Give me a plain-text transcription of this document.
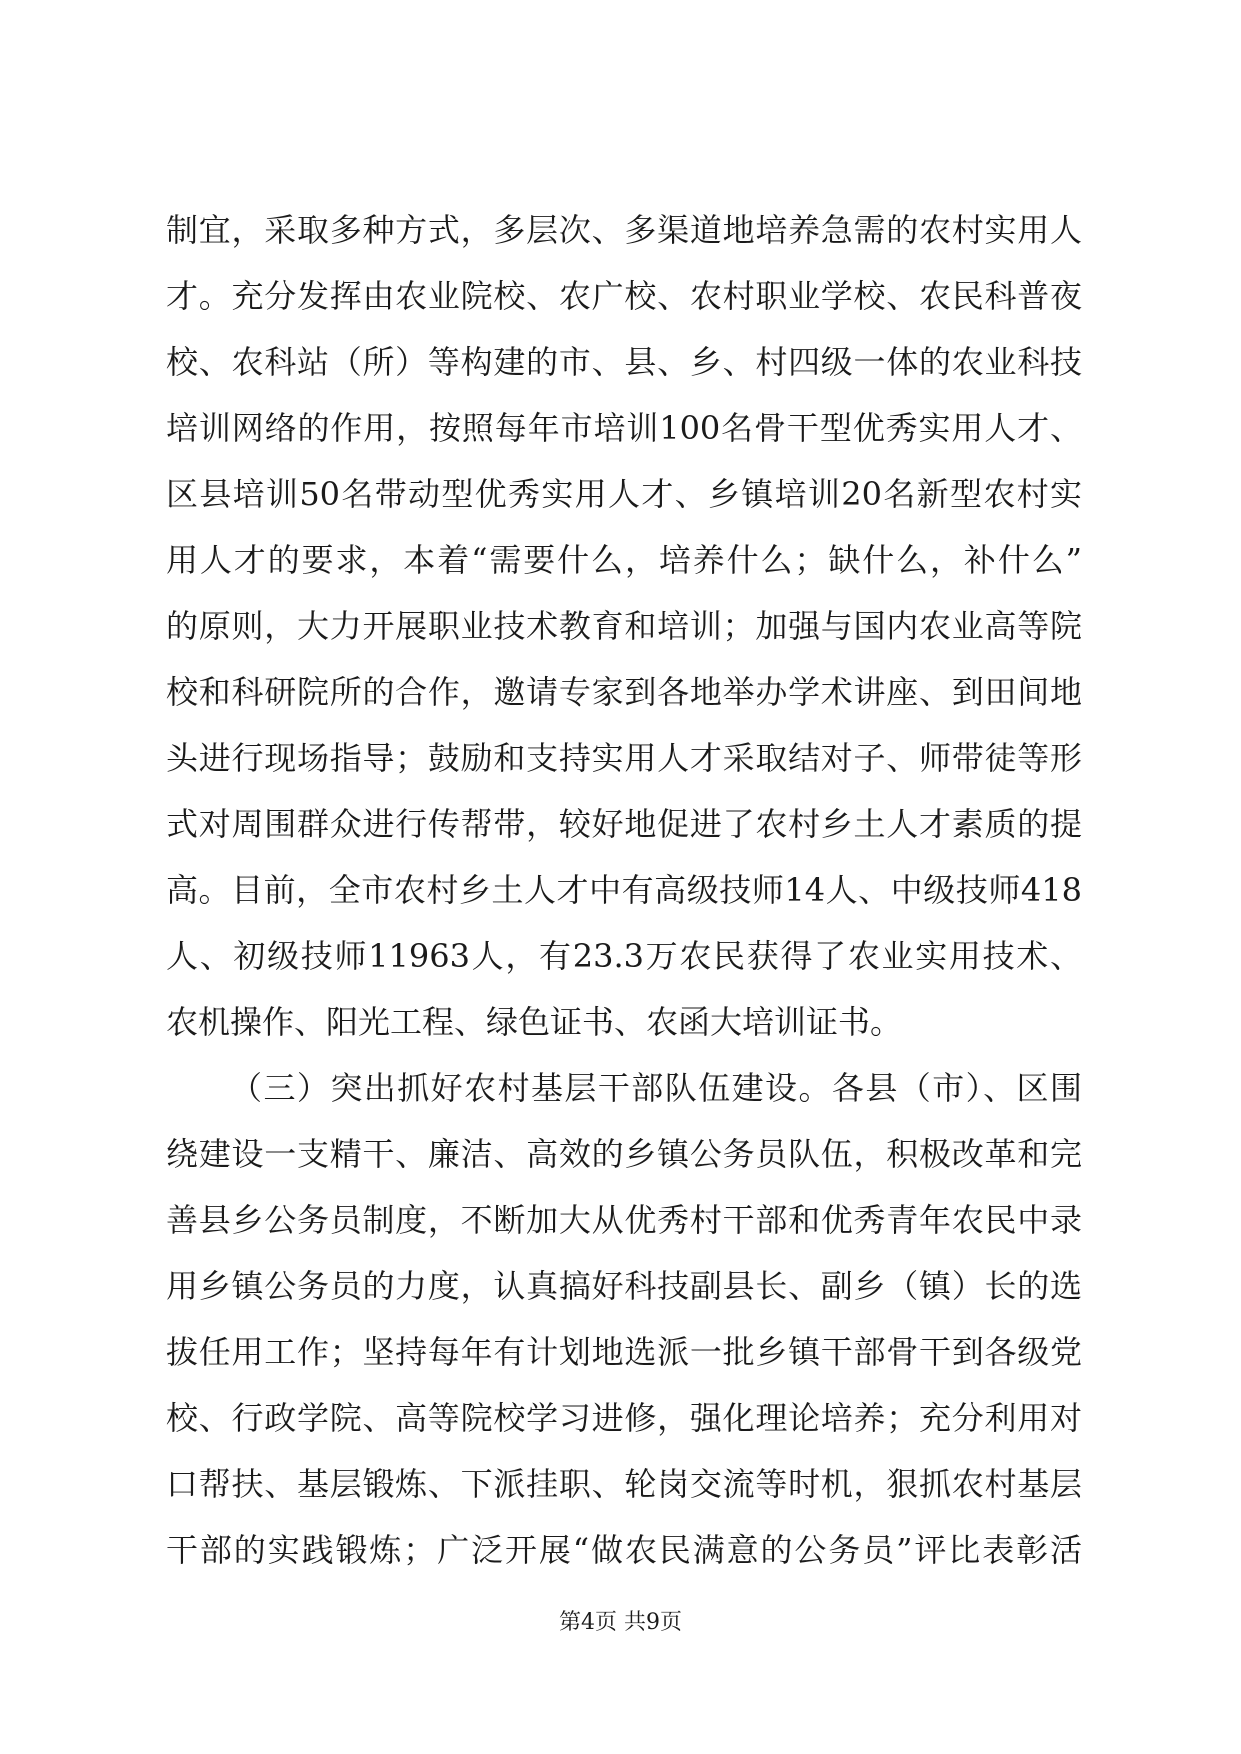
制宜，采取多种方式，多层次、多渠道地培养急需的农村实用人
才。充分发挥由农业院校、农广校、农村职业学校、农民科普夜
校、农科站（所）等构建的市、县、乡、村四级一体的农业科技
培训网络的作用，按照每年市培训100名骨干型优秀实用人才、
区县培训50名带动型优秀实用人才、乡镇培训20名新型农村实
用人才的要求，本着“需要什么，培养什么；缺什么，补什么”
的原则，大力开展职业技术教育和培训；加强与国内农业高等院
校和科研院所的合作，邀请专家到各地举办学术讲座、到田间地
头进行现场指导；鼓励和支持实用人才采取结对子、师带徒等形
式对周围群众进行传帮带，较好地促进了农村乡土人才素质的提
高。目前，全市农村乡土人才中有高级技师14人、中级技师418
人、初级技师11963人，有23.3万农民获得了农业实用技术、
农机操作、阳光工程、绿色证书、农函大培训证书。
（三）突出抓好农村基层干部队伍建设。各县（市）、区围
绕建设一支精干、廉洁、高效的乡镇公务员队伍，积极改革和完
善县乡公务员制度，不断加大从优秀村干部和优秀青年农民中录
用乡镇公务员的力度，认真搞好科技副县长、副乡（镇）长的选
拔任用工作；坚持每年有计划地选派一批乡镇干部骨干到各级党
校、行政学院、高等院校学习进修，强化理论培养；充分利用对
口帮扶、基层锻炼、下派挂职、轮岗交流等时机，狠抓农村基层
干部的实践锻炼；广泛开展“做农民满意的公务员”评比表彰活
第4页 共9页
